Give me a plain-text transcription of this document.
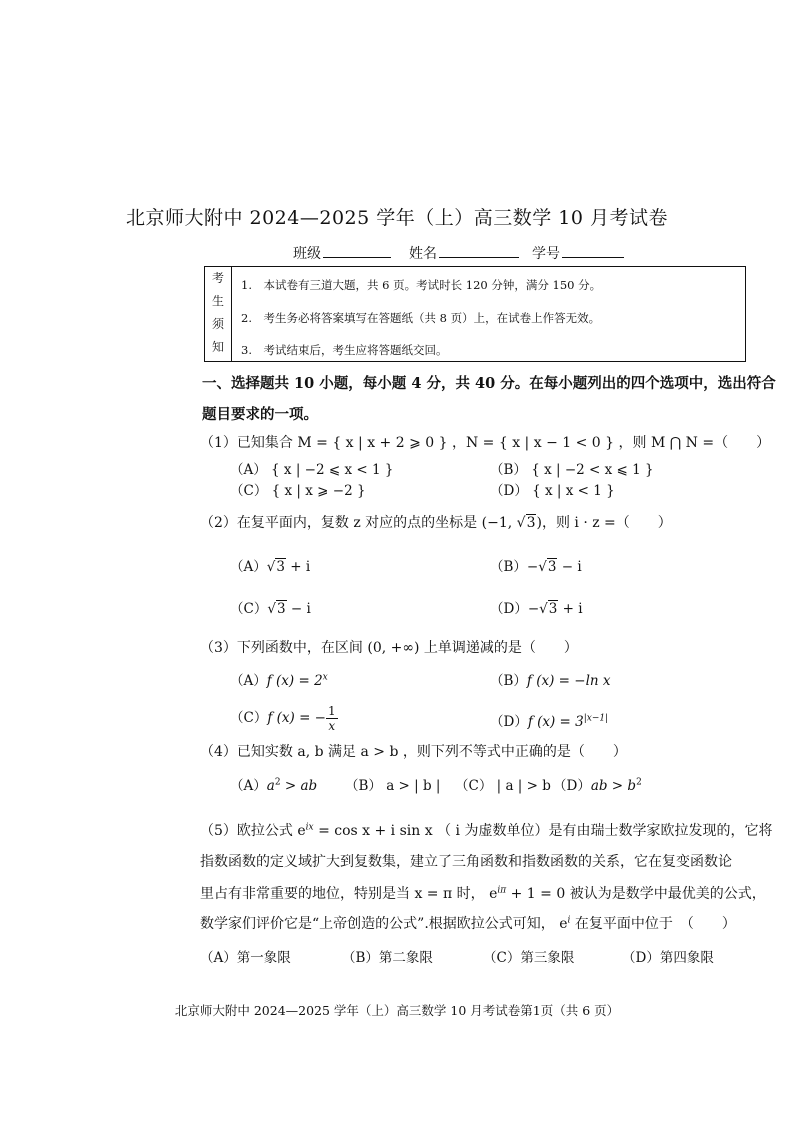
北京师大附中 2024—2025 学年（上）高三数学 10 月考试卷
班级	姓名	学号
考
生
须
知
1.　本试卷有三道大题，共 6 页。考试时长 120 分钟，满分 150 分。
2.　考生务必将答案填写在答题纸（共 8 页）上，在试卷上作答无效。
3.　考试结束后，考生应将答题纸交回。
一、选择题共 10 小题，每小题 4 分，共 40 分。在每小题列出的四个选项中，选出符合
题目要求的一项。
（1）已知集合 M = { x | x + 2 ⩾ 0 } ，N = { x | x − 1 < 0 } ，则 M ⋂ N =（　　）
（A） { x | −2 ⩽ x < 1 }	（B） { x | −2 < x ⩽ 1 }
（C） { x | x ⩾ −2 }	（D） { x | x < 1 }
（2）在复平面内，复数 z 对应的点的坐标是 (−1, √3)，则 i · z =（　　）
（A）√3 + i	（B）−√3 − i
（C）√3 − i	（D）−√3 + i
（3）下列函数中，在区间 (0, +∞) 上单调递减的是（　　）
（A）f $(x) = 2^x$	（B）f (x) = −ln x
（C）f (x) = − $\frac{1}{x}$	（D）f $(x) = 3^{|x-1|}$
（4）已知实数 a, b 满足 a > b ，则下列不等式中正确的是（　　）
$(A)a^2$ > ab （B） a > | b | （C） | a | > b $(D)ab > b^2$
（5）欧拉公式 $e^{ix} = \cos x + i$ sin x （ i 为虚数单位）是有由瑞士数学家欧拉发现的，它将
指数函数的定义域扩大到复数集，建立了三角函数和指数函数的关系，它在复变函数论
里占有非常重要的地位，特别是当 x = π 时， $e^{i\pi} + 1 = 0$ 被认为是数学中最优美的公式，
数学家们评价它是“上帝创造的公式”.根据欧拉公式可知， $e^i$ 在复平面中位于　（　　）
（A）第一象限	（B）第二象限	（C）第三象限	（D）第四象限
北京师大附中 2024—2025 学年（上）高三数学 10 月考试卷第1页（共 6 页）
